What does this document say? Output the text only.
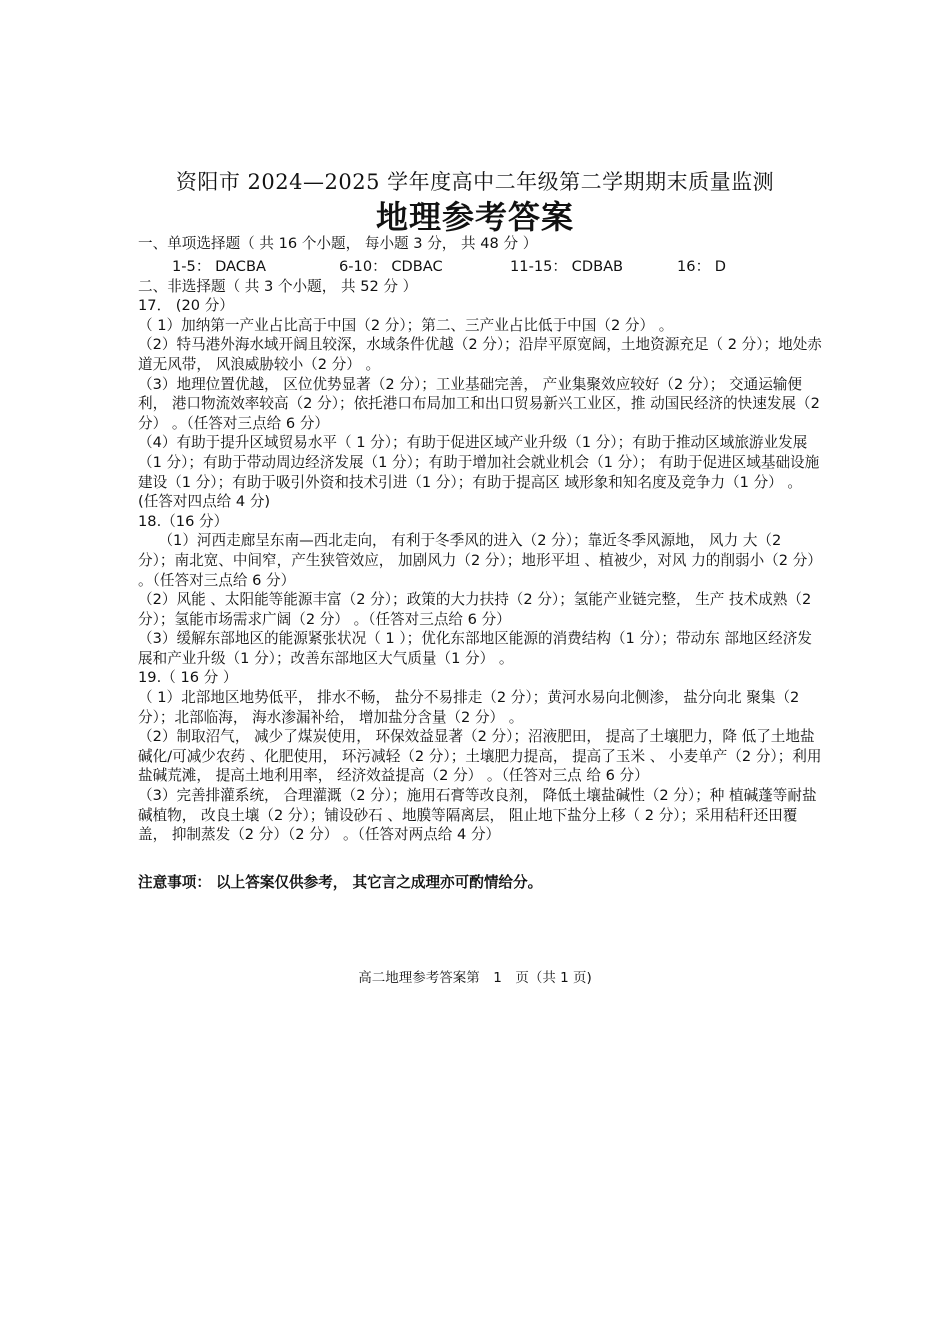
资阳市 2024—2025 学年度高中二年级第二学期期末质量监测
地理参考答案

一、单项选择题（ 共 16 个小题， 每小题 3 分， 共 48 分 ）

1-5： DACBA	6-10： CDBAC	11-15： CDBAB	16： D

二、非选择题（ 共 3 个小题， 共 52 分 ）

17． (20 分）

（ 1）加纳第一产业占比高于中国（2 分）；第二、三产业占比低于中国（2 分） 。

（2）特马港外海水域开阔且较深，水域条件优越（2 分）；沿岸平原宽阔，土地资源充足（ 2 分）；地处赤道无风带， 风浪威胁较小（2 分） 。

（3）地理位置优越， 区位优势显著（2 分）；工业基础完善， 产业集聚效应较好（2 分）； 交通运输便利， 港口物流效率较高（2 分）；依托港口布局加工和出口贸易新兴工业区，推 动国民经济的快速发展（2 分） 。（任答对三点给 6 分）

（4）有助于提升区域贸易水平（ 1 分）；有助于促进区域产业升级（1 分）；有助于推动区域旅游业发展（1 分）；有助于带动周边经济发展（1 分）；有助于增加社会就业机会（1 分）； 有助于促进区域基础设施建设（1 分）；有助于吸引外资和技术引进（1 分）；有助于提高区 域形象和知名度及竞争力（1 分） 。(任答对四点给 4 分)

18.（16 分）

（1）河西走廊呈东南—西北走向， 有利于冬季风的进入（2 分）；靠近冬季风源地， 风力 大（2 分）；南北宽、中间窄，产生狭管效应， 加剧风力（2 分）；地形平坦 、植被少，对风 力的削弱小（2 分） 。（任答对三点给 6 分）

（2）风能 、太阳能等能源丰富（2 分）；政策的大力扶持（2 分）；氢能产业链完整， 生产 技术成熟（2 分）；氢能市场需求广阔（2 分） 。（任答对三点给 6 分）

（3）缓解东部地区的能源紧张状况（ 1 ）；优化东部地区能源的消费结构（1 分）；带动东 部地区经济发展和产业升级（1 分）；改善东部地区大气质量（1 分） 。

19.（ 16 分 ）

（ 1）北部地区地势低平， 排水不畅， 盐分不易排走（2 分）；黄河水易向北侧渗， 盐分向北 聚集（2 分）；北部临海， 海水渗漏补给， 增加盐分含量（2 分） 。

（2）制取沼气， 减少了煤炭使用， 环保效益显著（2 分）；沼液肥田， 提高了土壤肥力，降 低了土地盐碱化/可减少农药 、化肥使用， 环污减轻（2 分）；土壤肥力提高， 提高了玉米 、 小麦单产（2 分）；利用盐碱荒滩， 提高土地利用率， 经济效益提高（2 分） 。（任答对三点 给 6 分）

（3）完善排灌系统， 合理灌溉（2 分）；施用石膏等改良剂， 降低土壤盐碱性（2 分）；种 植碱蓬等耐盐碱植物， 改良土壤（2 分）；铺设砂石 、地膜等隔离层， 阻止地下盐分上移（ 2 分）；采用秸秆还田覆盖， 抑制蒸发（2 分）（2 分） 。（任答对两点给 4 分）

注意事项： 以上答案仅供参考， 其它言之成理亦可酌情给分。

高二地理参考答案第　1　页（共 1 页)
